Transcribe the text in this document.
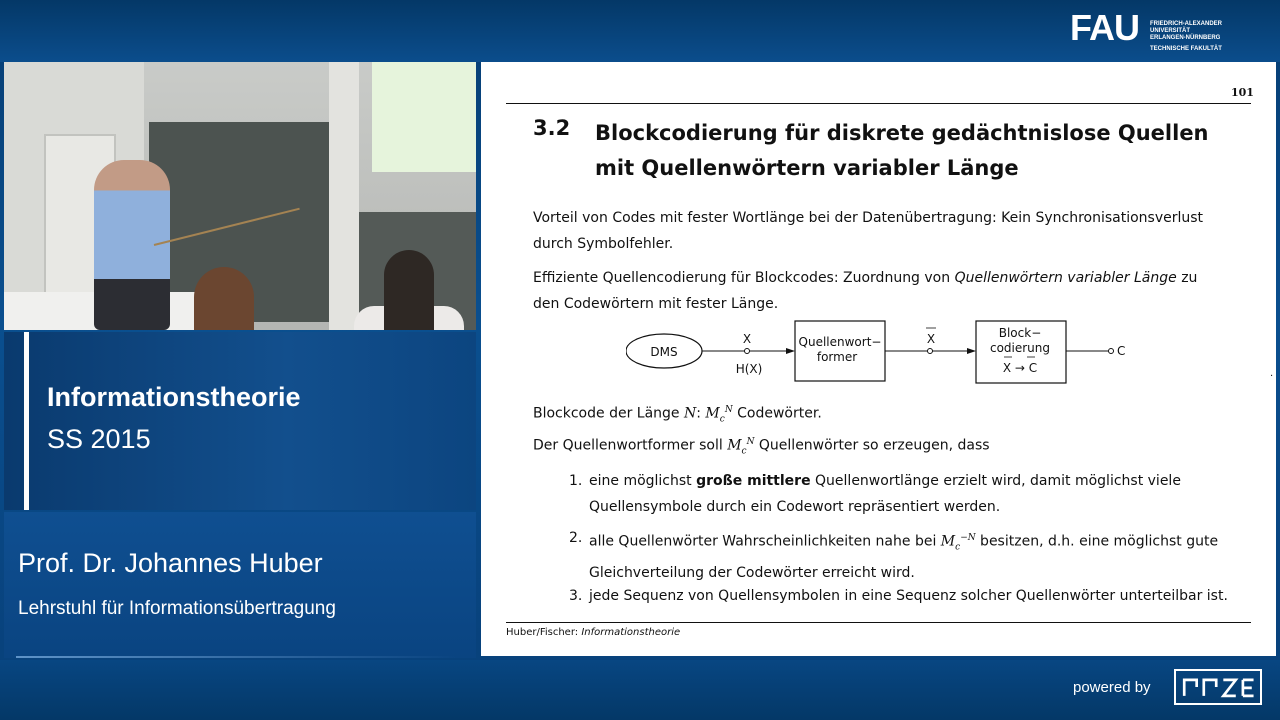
FAU FRIEDRICH-ALEXANDER
UNIVERSITÄT
ERLANGEN-NÜRNBERG
TECHNISCHE FAKULTÄT
Informationstheorie
SS 2015
Prof. Dr. Johannes Huber
Lehrstuhl für Informationsübertragung
101
3.2 Blockcodierung für diskrete gedächtnislose Quellen mit Quellenwörtern variabler Länge
Vorteil von Codes mit fester Wortlänge bei der Datenübertragung: Kein Synchronisationsverlust durch Symbolfehler.
Effiziente Quellencodierung für Blockcodes: Zuordnung von Quellenwörtern variabler Länge zu den Codewörtern mit fester Länge.
DMS
X
H(X)
Quellenwort−
former
X	Block−
codierung
X → C
C
Blockcode der Länge N: $M_c^N$ Codewörter.
Der Quellenwortformer soll $M_c^N$ Quellenwörter so erzeugen, dass
1. eine möglichst große mittlere Quellenwortlänge erzielt wird, damit möglichst viele Quellensymbole durch ein Codewort repräsentiert werden.
2. alle Quellenwörter Wahrscheinlichkeiten nahe bei $M_c^{-N}$ besitzen, d.h. eine möglichst gute Gleichverteilung der Codewörter erreicht wird.
3. jede Sequenz von Quellensymbolen in eine Sequenz solcher Quellenwörter unterteilbar ist.
Huber/Fischer: Informationstheorie
.
powered by
